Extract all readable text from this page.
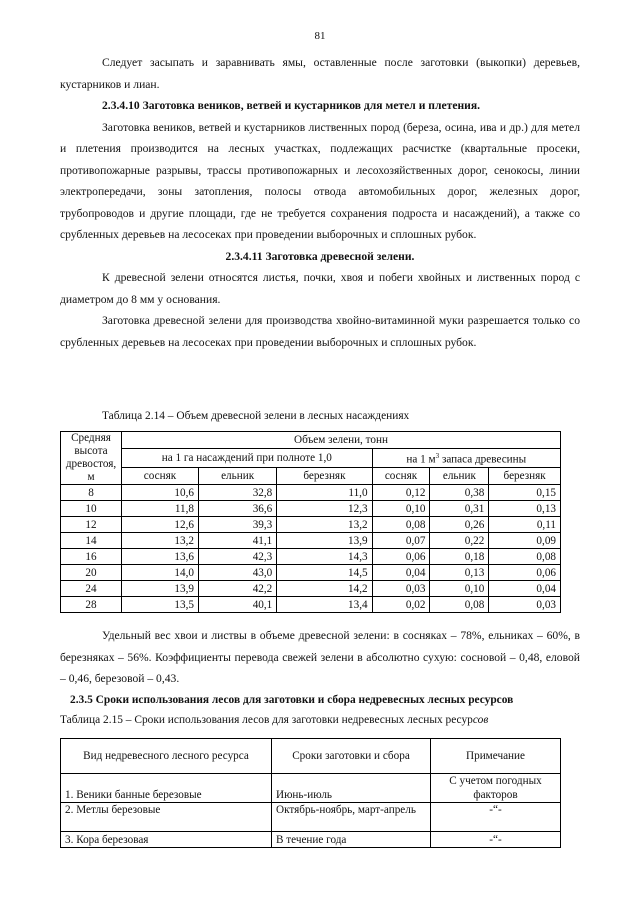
81

Следует засыпать и заравнивать ямы, оставленные после заготовки (выкопки) деревьев, кустарников и лиан.

2.3.4.10 Заготовка веников, ветвей и кустарников для метел и плетения.

Заготовка веников, ветвей и кустарников лиственных пород (береза, осина, ива и др.) для метел и плетения производится на лесных участках, подлежащих расчистке (квартальные просеки, противопожарные разрывы, трассы противопожарных и лесохозяйственных дорог, сенокосы, линии электропередачи, зоны затопления, полосы отвода автомобильных дорог, железных дорог, трубопроводов и другие площади, где не требуется сохранения подроста и насаждений), а также со срубленных деревьев на лесосеках при проведении выборочных и сплошных рубок.

2.3.4.11 Заготовка древесной зелени.

К древесной зелени относятся листья, почки, хвоя и побеги хвойных и лиственных пород с диаметром до 8 мм у основания.

Заготовка древесной зелени для производства хвойно-витаминной муки разрешается только со срубленных деревьев на лесосеках при проведении выборочных и сплошных рубок.

Таблица 2.14 – Объем древесной зелени в лесных насаждениях
Средняя высота древостоя, м	Объем зелени, тонн					
	на 1 га насаждений при полноте 1,0			на 1 $м^3$ запаса древесины		
	сосняк	ельник	березняк	сосняк	ельник	березняк
8	10,6	32,8	11,0	0,12	0,38	0,15
10	11,8	36,6	12,3	0,10	0,31	0,13
12	12,6	39,3	13,2	0,08	0,26	0,11
14	13,2	41,1	13,9	0,07	0,22	0,09
16	13,6	42,3	14,3	0,06	0,18	0,08
20	14,0	43,0	14,5	0,04	0,13	0,06
24	13,9	42,2	14,2	0,03	0,10	0,04
28	13,5	40,1	13,4	0,02	0,08	0,03

Удельный вес хвои и листвы в объеме древесной зелени: в сосняках – 78%, ельниках – 60%, в березняках – 56%. Коэффициенты перевода свежей зелени в абсолютно сухую: сосновой – 0,48, еловой – 0,46, березовой – 0,43.

2.3.5 Сроки использования лесов для заготовки и сбора недревесных лесных ресурсов
Таблица 2.15 – Сроки использования лесов для заготовки недревесных лесных ресурсов
Вид недревесного лесного ресурса	Сроки заготовки и сбора	Примечание
1. Веники банные березовые	Июнь-июль	С учетом погодных факторов
2. Метлы березовые	Октябрь-ноябрь, март-апрель	-“-
3. Кора березовая	В течение года	-“-
